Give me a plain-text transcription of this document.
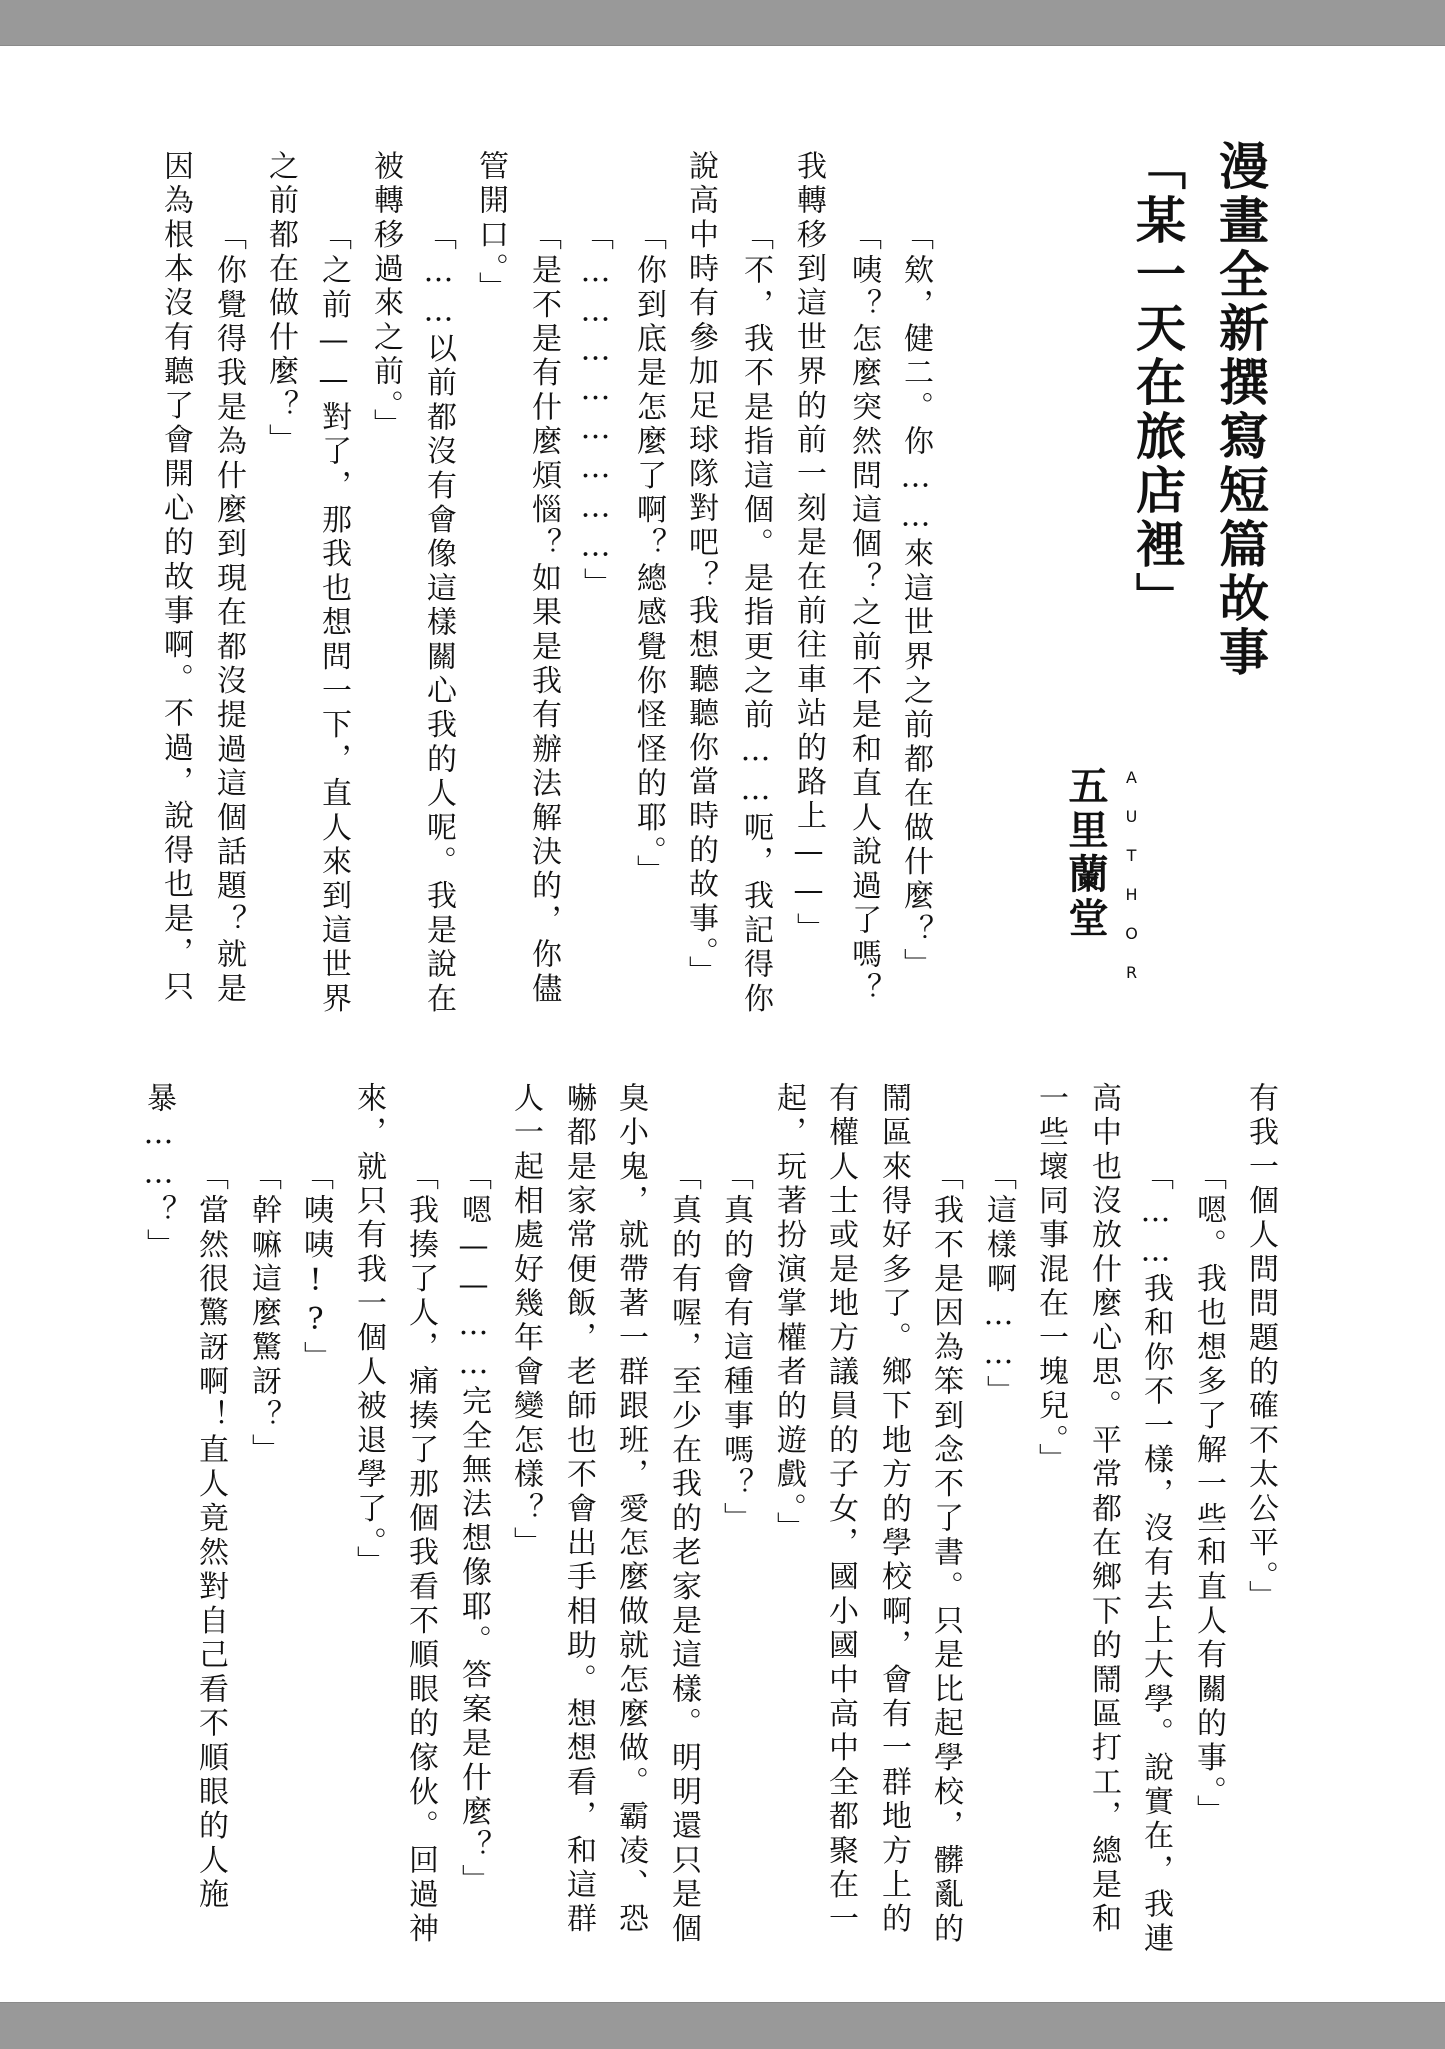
漫畫全新撰寫短篇故事
「某一天在旅店裡」
AUTHOR
五里蘭堂
「欸，健二。你……來這世界之前都在做什麼？」
「咦？怎麼突然問這個？之前不是和直人說過了嗎？
我轉移到這世界的前一刻是在前往車站的路上——」
「不，我不是指這個。是指更之前……呃，我記得你
說高中時有參加足球隊對吧？我想聽聽你當時的故事。」
「你到底是怎麼了啊？總感覺你怪怪的耶。」
「……………………」
「是不是有什麼煩惱？如果是我有辦法解決的，你儘
管開口。」
「……以前都沒有會像這樣關心我的人呢。我是說在
被轉移過來之前。」
「之前——對了，那我也想問一下，直人來到這世界
之前都在做什麼？」
「你覺得我是為什麼到現在都沒提過這個話題？就是
因為根本沒有聽了會開心的故事啊。不過，說得也是，只
有我一個人問問題的確不太公平。」
「嗯。我也想多了解一些和直人有關的事。」
「……我和你不一樣，沒有去上大學。說實在，我連
高中也沒放什麼心思。平常都在鄉下的鬧區打工，總是和
一些壞同事混在一塊兒。」
「這樣啊……」
「我不是因為笨到念不了書。只是比起學校，髒亂的
鬧區來得好多了。鄉下地方的學校啊，會有一群地方上的
有權人士或是地方議員的子女，國小國中高中全都聚在一
起，玩著扮演掌權者的遊戲。」
「真的會有這種事嗎？」
「真的有喔，至少在我的老家是這樣。明明還只是個
臭小鬼，就帶著一群跟班，愛怎麼做就怎麼做。霸凌、恐
嚇都是家常便飯，老師也不會出手相助。想想看，和這群
人一起相處好幾年會變怎樣？」
「嗯——……完全無法想像耶。答案是什麼？」
「我揍了人，痛揍了那個我看不順眼的傢伙。回過神
來，就只有我一個人被退學了。」
「咦咦!?」
「幹嘛這麼驚訝？」
「當然很驚訝啊！直人竟然對自己看不順眼的人施
暴……？」
